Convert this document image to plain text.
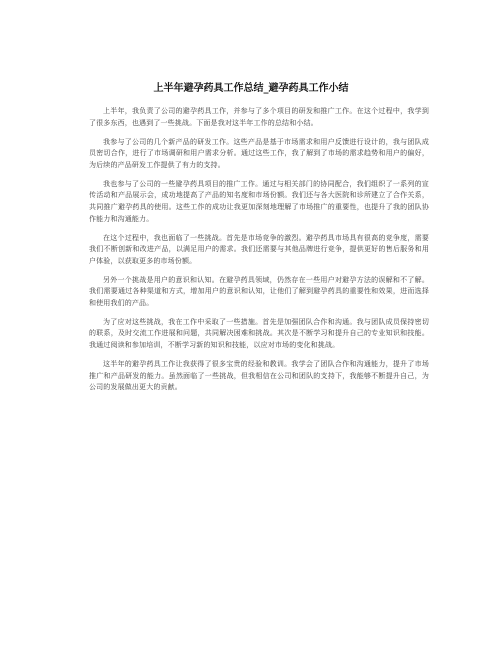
上半年避孕药具工作总结_避孕药具工作小结

上半年，我负责了公司的避孕药具工作，并参与了多个项目的研发和推广工作。在这个过程中，我学到了很多东西，也遇到了一些挑战。下面是我对这半年工作的总结和小结。

我参与了公司的几个新产品的研发工作。这些产品是基于市场需求和用户反馈进行设计的，我与团队成员密切合作，进行了市场调研和用户需求分析。通过这些工作，我了解到了市场的需求趋势和用户的偏好，为后续的产品研发工作提供了有力的支持。

我也参与了公司的一些避孕药具项目的推广工作。通过与相关部门的协同配合，我们组织了一系列的宣传活动和产品展示会，成功地提高了产品的知名度和市场份额。我们还与各大医院和诊所建立了合作关系，共同推广避孕药具的使用。这些工作的成功让我更加深刻地理解了市场推广的重要性，也提升了我的团队协作能力和沟通能力。

在这个过程中，我也面临了一些挑战。首先是市场竞争的激烈。避孕药具市场具有很高的竞争度，需要我们不断创新和改进产品，以满足用户的需求。我们还需要与其他品牌进行竞争，提供更好的售后服务和用户体验，以获取更多的市场份额。

另外一个挑战是用户的意识和认知。在避孕药具领域，仍然存在一些用户对避孕方法的误解和不了解。我们需要通过各种渠道和方式，增加用户的意识和认知，让他们了解到避孕药具的重要性和效果，进而选择和使用我们的产品。

为了应对这些挑战，我在工作中采取了一些措施。首先是加强团队合作和沟通。我与团队成员保持密切的联系，及时交流工作进展和问题，共同解决困难和挑战。其次是不断学习和提升自己的专业知识和技能。我通过阅读和参加培训，不断学习新的知识和技能，以应对市场的变化和挑战。

这半年的避孕药具工作让我获得了很多宝贵的经验和教训。我学会了团队合作和沟通能力，提升了市场推广和产品研发的能力。虽然面临了一些挑战，但我相信在公司和团队的支持下，我能够不断提升自己，为公司的发展做出更大的贡献。
